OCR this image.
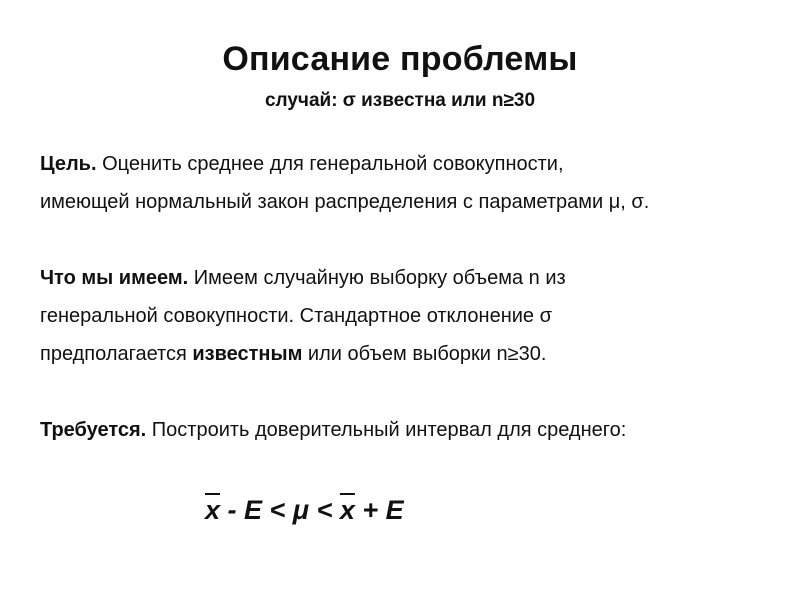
Описание проблемы
случай: σ известна или n≥30

Цель. Оценить среднее для генеральной совокупности,

имеющей нормальный закон распределения с параметрами μ, σ.

Что мы имеем. Имеем случайную выборку объема n из

генеральной совокупности. Стандартное отклонение σ

предполагается известным или объем выборки n≥30.

Требуется. Построить доверительный интервал для среднего:

$\overline{x} - E < \mu < \overline{x} + E$
